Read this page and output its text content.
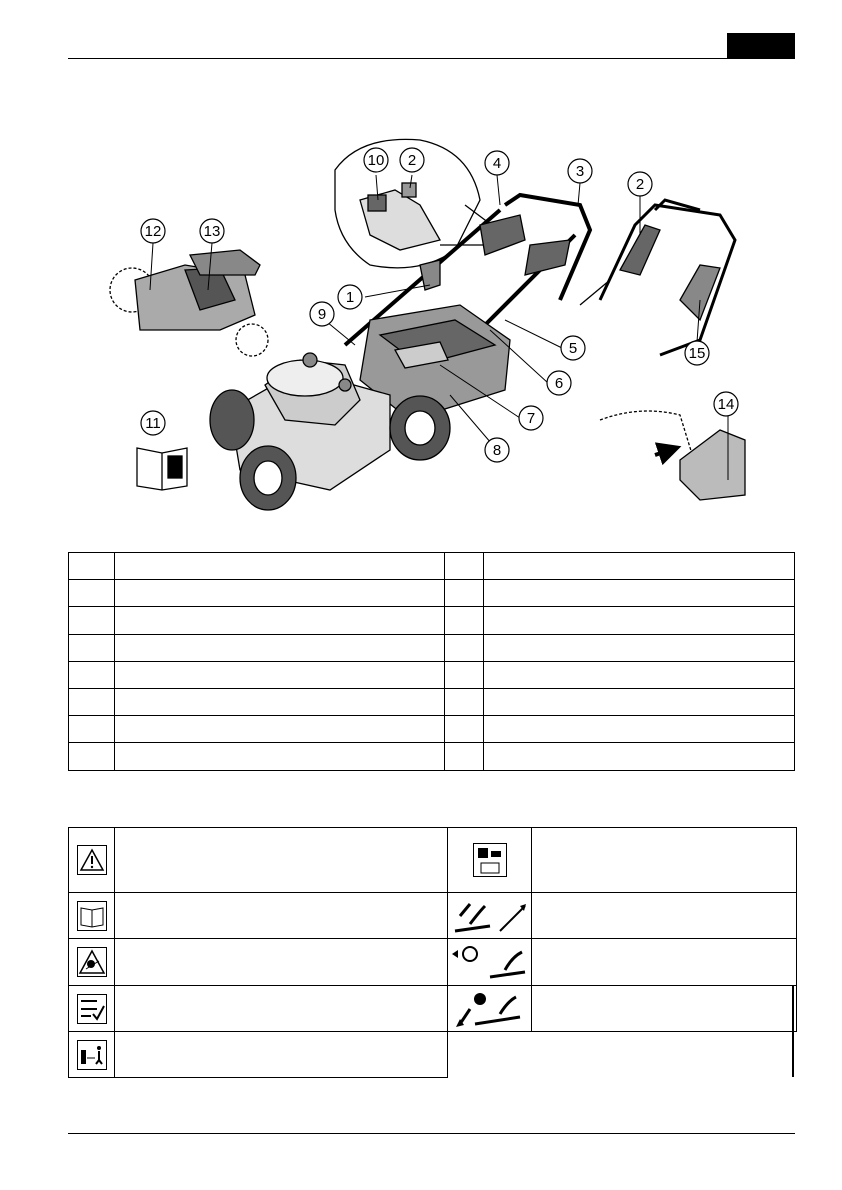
1
2
3
4
5
6
7
8
9
10
11
12	13
14
15
2
